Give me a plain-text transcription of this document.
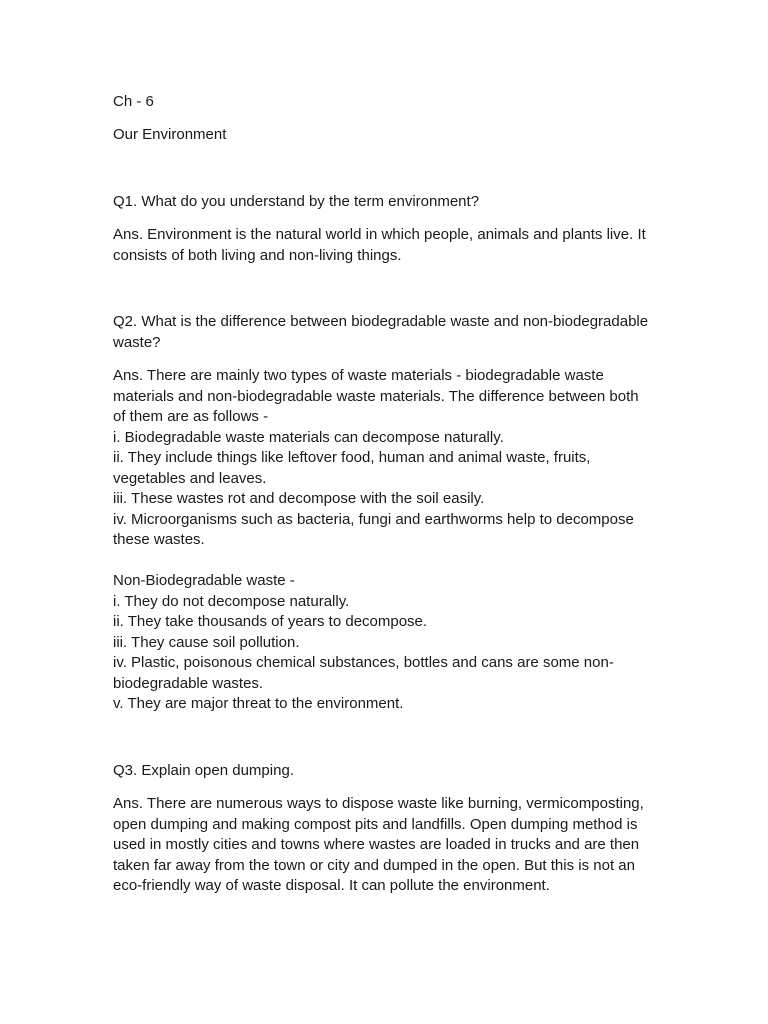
Ch - 6
Our Environment
Q1. What do you understand by the term environment?
Ans. Environment is the natural world in which people, animals and plants live. It
consists of both living and non-living things.
Q2. What is the difference between biodegradable waste and non-biodegradable
waste?
Ans. There are mainly two types of waste materials - biodegradable waste
materials and non-biodegradable waste materials. The difference between both
of them are as follows -
i. Biodegradable waste materials can decompose naturally.
ii. They include things like leftover food, human and animal waste, fruits,
vegetables and leaves.
iii. These wastes rot and decompose with the soil easily.
iv. Microorganisms such as bacteria, fungi and earthworms help to decompose
these wastes.
Non-Biodegradable waste -
i. They do not decompose naturally.
ii. They take thousands of years to decompose.
iii. They cause soil pollution.
iv. Plastic, poisonous chemical substances, bottles and cans are some non-
biodegradable wastes.
v. They are major threat to the environment.
Q3. Explain open dumping.
Ans. There are numerous ways to dispose waste like burning, vermicomposting,
open dumping and making compost pits and landfills. Open dumping method is
used in mostly cities and towns where wastes are loaded in trucks and are then
taken far away from the town or city and dumped in the open. But this is not an
eco-friendly way of waste disposal. It can pollute the environment.
